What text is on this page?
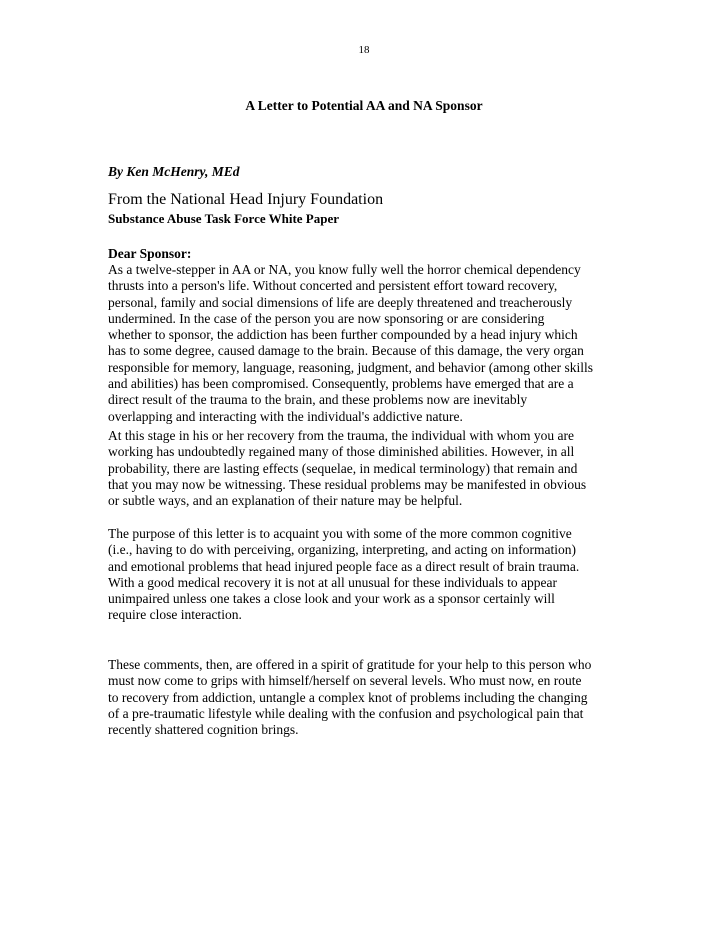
18
A Letter to Potential AA and NA Sponsor
By Ken McHenry, MEd
From the National Head Injury Foundation
Substance Abuse Task Force White Paper
Dear Sponsor:
As a twelve-stepper in AA or NA, you know fully well the horror chemical dependency
thrusts into a person's life. Without concerted and persistent effort toward recovery,
personal, family and social dimensions of life are deeply threatened and treacherously
undermined. In the case of the person you are now sponsoring or are considering
whether to sponsor, the addiction has been further compounded by a head injury which
has to some degree, caused damage to the brain. Because of this damage, the very organ
responsible for memory, language, reasoning, judgment, and behavior (among other skills
and abilities) has been compromised. Consequently, problems have emerged that are a
direct result of the trauma to the brain, and these problems now are inevitably
overlapping and interacting with the individual's addictive nature.
At this stage in his or her recovery from the trauma, the individual with whom you are
working has undoubtedly regained many of those diminished abilities. However, in all
probability, there are lasting effects (sequelae, in medical terminology) that remain and
that you may now be witnessing. These residual problems may be manifested in obvious
or subtle ways, and an explanation of their nature may be helpful.
The purpose of this letter is to acquaint you with some of the more common cognitive
(i.e., having to do with perceiving, organizing, interpreting, and acting on information)
and emotional problems that head injured people face as a direct result of brain trauma.
With a good medical recovery it is not at all unusual for these individuals to appear
unimpaired unless one takes a close look and your work as a sponsor certainly will
require close interaction.
These comments, then, are offered in a spirit of gratitude for your help to this person who
must now come to grips with himself/herself on several levels. Who must now, en route
to recovery from addiction, untangle a complex knot of problems including the changing
of a pre-traumatic lifestyle while dealing with the confusion and psychological pain that
recently shattered cognition brings.
